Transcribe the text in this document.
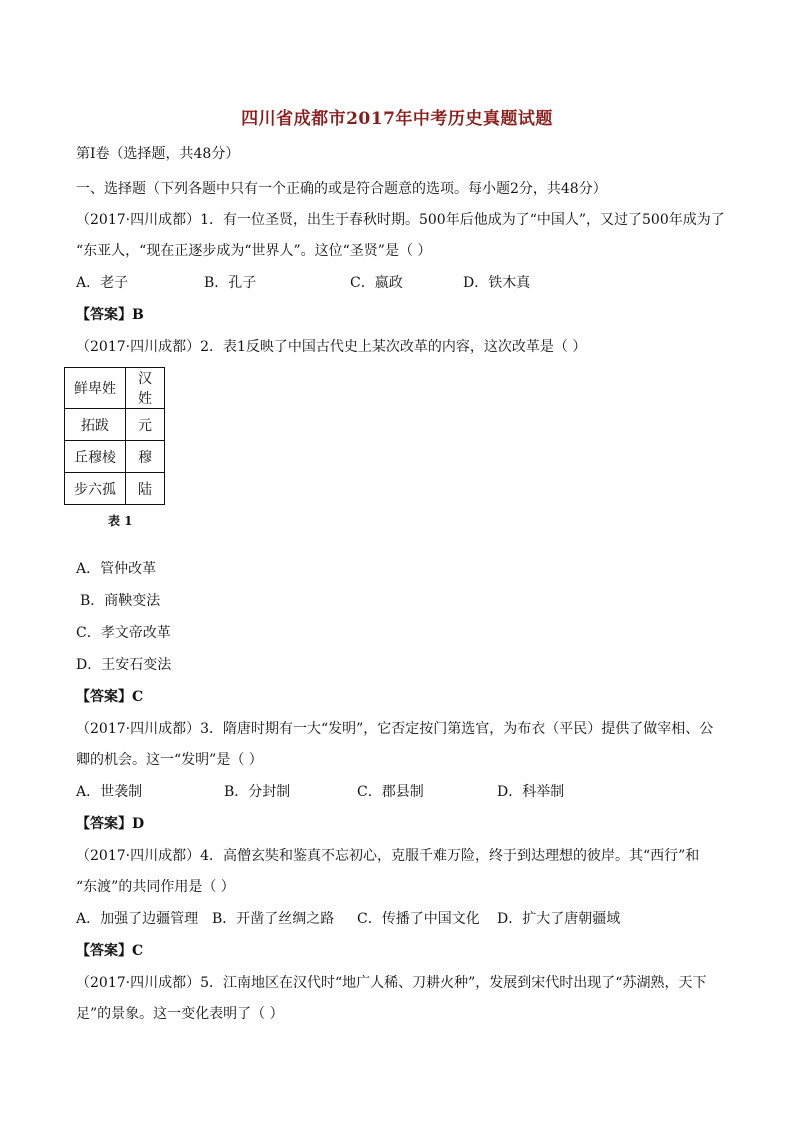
四川省成都市2017年中考历史真题试题
第I卷（选择题，共48分）
一、选择题（下列各题中只有一个正确的或是符合题意的选项。每小题2分，共48分）
（2017·四川成都）1．有一位圣贤，出生于春秋时期。500年后他成为了“中国人”，又过了500年成为了
“东亚人，“现在正逐步成为“世界人”。这位“圣贤”是（ ）
A．老子	B．孔子	C．嬴政	D．铁木真
【答案】B
（2017·四川成都）2．表1反映了中国古代史上某次改革的内容，这次改革是（ ）
鲜卑姓	汉姓
拓跋	元
丘穆棱	穆
步六孤	陆
表 1
A．管仲改革
B．商鞅变法
C．孝文帝改革
D．王安石变法
【答案】C
（2017·四川成都）3．隋唐时期有一大“发明”，它否定按门第选官，为布衣（平民）提供了做宰相、公
卿的机会。这一“发明”是（ ）
A．世袭制	B．分封制	C．郡县制	D．科举制
【答案】D
（2017·四川成都）4．高僧玄奘和鉴真不忘初心，克服千难万险，终于到达理想的彼岸。其“西行”和
“东渡”的共同作用是（ ）
A．加强了边疆管理 B．开凿了丝绸之路 C．传播了中国文化 D．扩大了唐朝疆域
【答案】C
（2017·四川成都）5．江南地区在汉代时“地广人稀、刀耕火种”，发展到宋代时出现了“苏湖熟，天下
足”的景象。这一变化表明了（ ）
